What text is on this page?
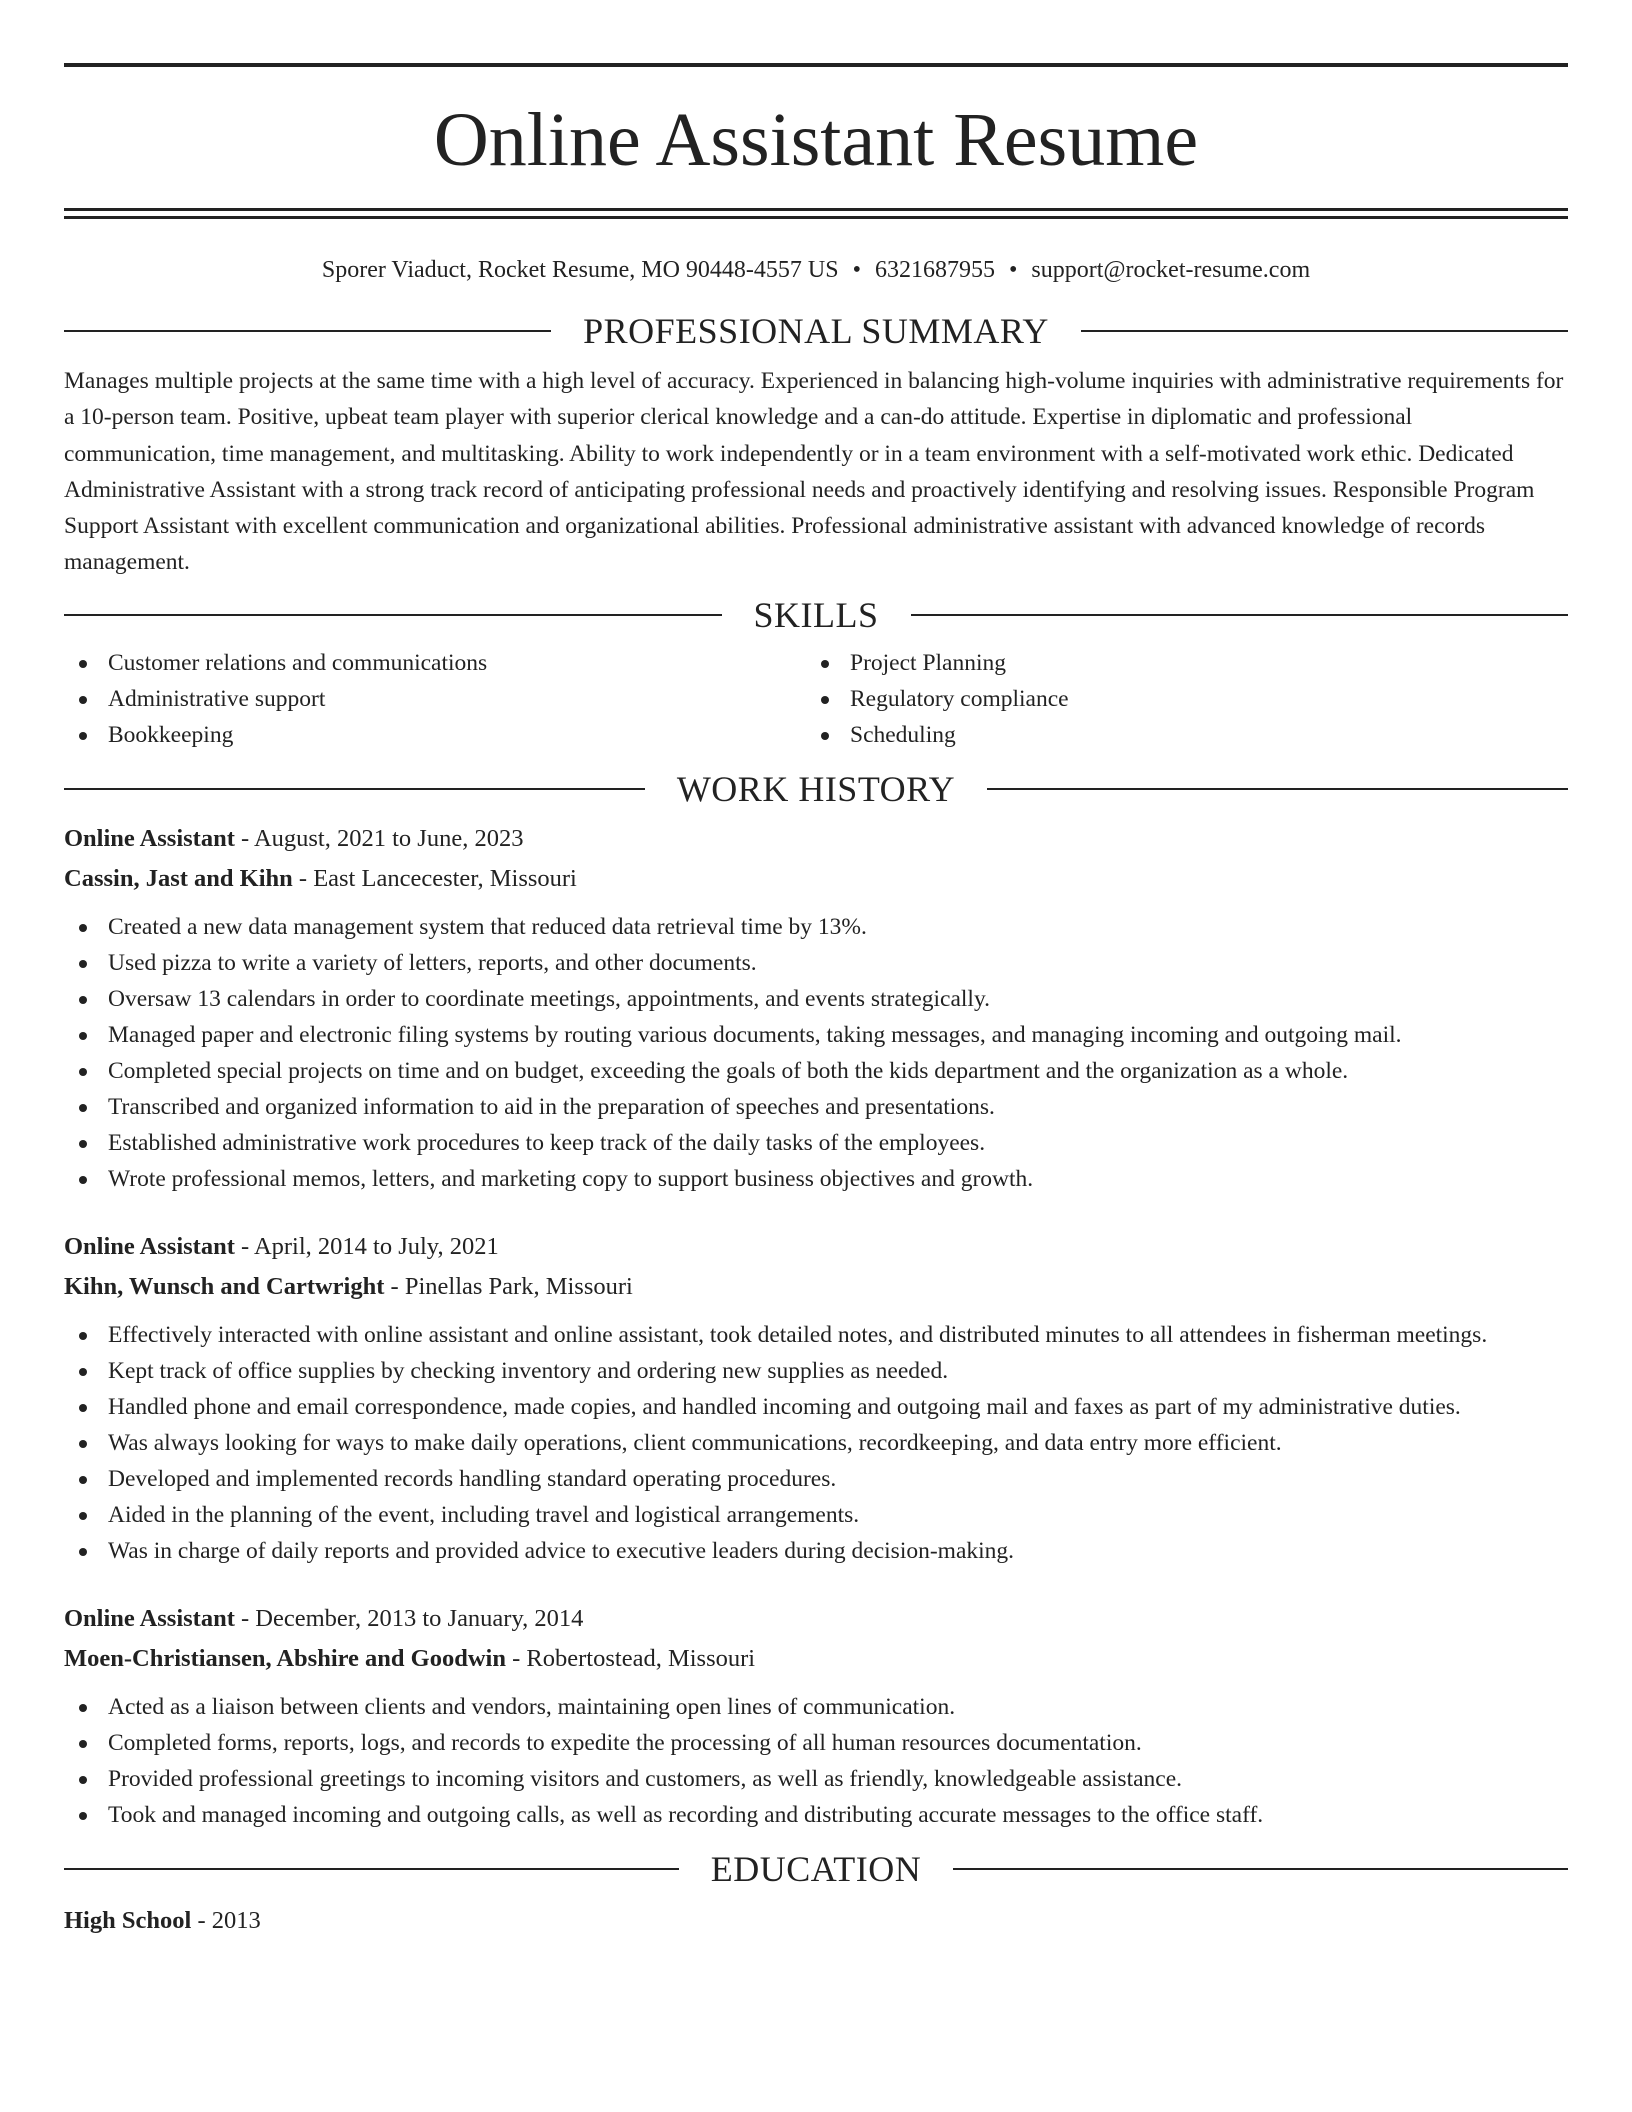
Online Assistant Resume
Sporer Viaduct, Rocket Resume, MO 90448-4557 US • 6321687955 • support@rocket-resume.com
PROFESSIONAL SUMMARY
Manages multiple projects at the same time with a high level of accuracy. Experienced in balancing high-volume inquiries with administrative requirements for a 10-person team. Positive, upbeat team player with superior clerical knowledge and a can-do attitude. Expertise in diplomatic and professional communication, time management, and multitasking. Ability to work independently or in a team environment with a self-motivated work ethic. Dedicated Administrative Assistant with a strong track record of anticipating professional needs and proactively identifying and resolving issues. Responsible Program Support Assistant with excellent communication and organizational abilities. Professional administrative assistant with advanced knowledge of records management.
SKILLS
Customer relations and communications
Administrative support
Bookkeeping
Project Planning
Regulatory compliance
Scheduling
WORK HISTORY
Online Assistant - August, 2021 to June, 2023
Cassin, Jast and Kihn - East Lancecester, Missouri
Created a new data management system that reduced data retrieval time by 13%.
Used pizza to write a variety of letters, reports, and other documents.
Oversaw 13 calendars in order to coordinate meetings, appointments, and events strategically.
Managed paper and electronic filing systems by routing various documents, taking messages, and managing incoming and outgoing mail.
Completed special projects on time and on budget, exceeding the goals of both the kids department and the organization as a whole.
Transcribed and organized information to aid in the preparation of speeches and presentations.
Established administrative work procedures to keep track of the daily tasks of the employees.
Wrote professional memos, letters, and marketing copy to support business objectives and growth.
Online Assistant - April, 2014 to July, 2021
Kihn, Wunsch and Cartwright - Pinellas Park, Missouri
Effectively interacted with online assistant and online assistant, took detailed notes, and distributed minutes to all attendees in fisherman meetings.
Kept track of office supplies by checking inventory and ordering new supplies as needed.
Handled phone and email correspondence, made copies, and handled incoming and outgoing mail and faxes as part of my administrative duties.
Was always looking for ways to make daily operations, client communications, recordkeeping, and data entry more efficient.
Developed and implemented records handling standard operating procedures.
Aided in the planning of the event, including travel and logistical arrangements.
Was in charge of daily reports and provided advice to executive leaders during decision-making.
Online Assistant - December, 2013 to January, 2014
Moen-Christiansen, Abshire and Goodwin - Robertostead, Missouri
Acted as a liaison between clients and vendors, maintaining open lines of communication.
Completed forms, reports, logs, and records to expedite the processing of all human resources documentation.
Provided professional greetings to incoming visitors and customers, as well as friendly, knowledgeable assistance.
Took and managed incoming and outgoing calls, as well as recording and distributing accurate messages to the office staff.
EDUCATION
High School - 2013
